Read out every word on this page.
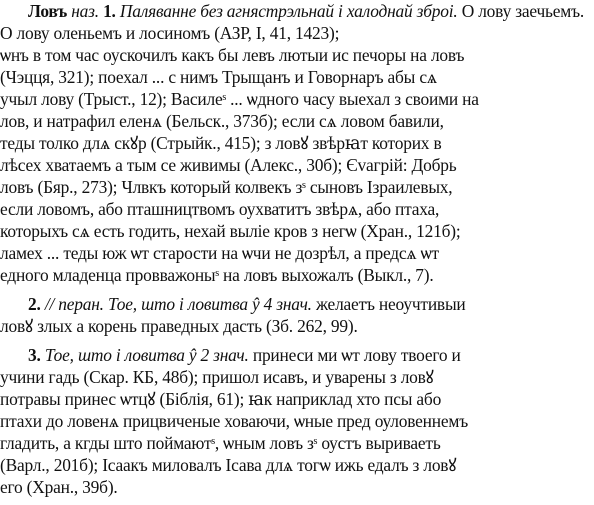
Ловъ наз. 1. Паляванне без агнястрэльнай і халоднай зброі. О лову заечьемъ.
О лову оленьемъ и лосиномъ (АЗР, І, 41, 1423);
ѡнъ в том час оускочилъ какъ бы левъ лютыи ис печоры на ловъ
(Чэцця, 321); поехал ... с нимъ Трыщанъ и Говорнаръ абы сѧ
учыл лову (Трыст., 12); Василеˢ ... ѡдного часу выехал з своими на
лов, и натрафил еленѧ (Бельск., 373б); если сѧ ловом бавили,
теды толко длѧ скꙋр (Стрыйк., 415); з ловꙋ звѣрꙗт которих в
лѣсех хватаемъ а тым се живимы (Алекс., 30б); Єvагрій: Добрь
ловъ (Бяр., 273); Члвкъ который колвекъ зˢ сыновъ Ізраилевых,
если ловомъ, або пташництвомъ оухватитъ звѣрѧ, або птаха,
которыхъ сѧ есть годить, нехай выліе кров з негѡ (Хран., 121б);
ламех ... теды юж ѡт старости на ѡчи не дозрѣл, а предсѧ ѡт
едного младенца провважоныˢ на ловъ выхожалъ (Выкл., 7).
2. // перан. Тое, што і ловитва ŷ 4 знач. желаетъ неоучтивыи
ловꙋ злых а корень праведных дасть (Зб. 262, 99).
3. Тое, што і ловитва ŷ 2 знач. принеси ми ѡт лову твоего и
учини гадь (Скар. КБ, 48б); пришол исавъ, и уварены з ловꙋ
потравы принес ѡтцꙋ (Біблія, 61); ꙗк наприклад хто псы або
птахи до ловенѧ прицвиченые ховаючи, ѡные пред оуловеннемъ
гладить, а кгды што поймаютˢ, ѡным ловъ зˢ оустъ выриваеть
(Варл., 201б); Ісаакъ миловалъ Ісава длѧ тогѡ ижь едалъ з ловꙋ
его (Хран., 39б).
